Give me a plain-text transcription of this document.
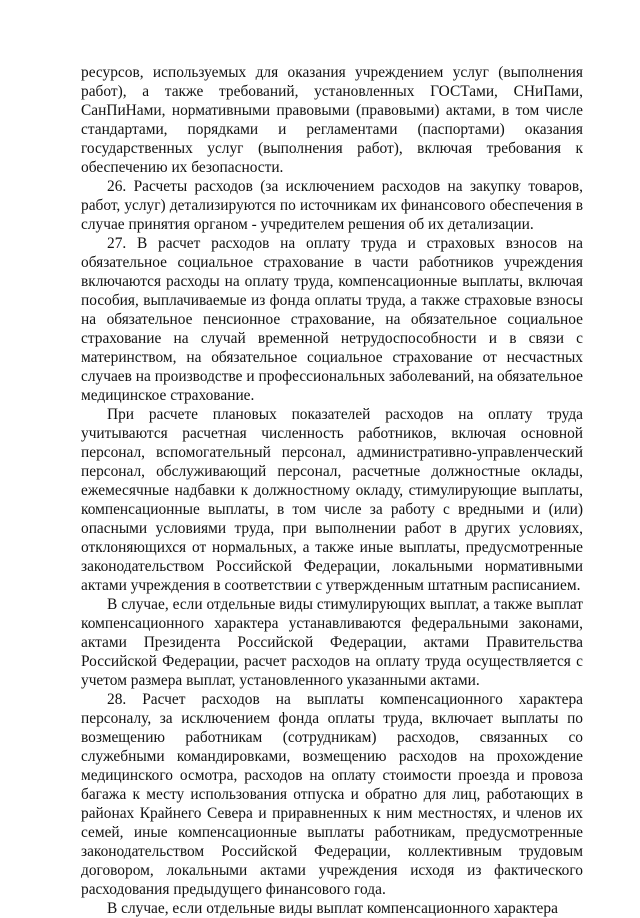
ресурсов, используемых для оказания учреждением услуг (выполнения работ), а также требований, установленных ГОСТами, СНиПами, СанПиНами, нормативными правовыми (правовыми) актами, в том числе стандартами, порядками и регламентами (паспортами) оказания государственных услуг (выполнения работ), включая требования к обеспечению их безопасности.

26. Расчеты расходов (за исключением расходов на закупку товаров, работ, услуг) детализируются по источникам их финансового обеспечения в случае принятия органом - учредителем решения об их детализации.

27. В расчет расходов на оплату труда и страховых взносов на обязательное социальное страхование в части работников учреждения включаются расходы на оплату труда, компенсационные выплаты, включая пособия, выплачиваемые из фонда оплаты труда, а также страховые взносы на обязательное пенсионное страхование, на обязательное социальное страхование на случай временной нетрудоспособности и в связи с материнством, на обязательное социальное страхование от несчастных случаев на производстве и профессиональных заболеваний, на обязательное медицинское страхование.

При расчете плановых показателей расходов на оплату труда учитываются расчетная численность работников, включая основной персонал, вспомогательный персонал, административно-управленческий персонал, обслуживающий персонал, расчетные должностные оклады, ежемесячные надбавки к должностному окладу, стимулирующие выплаты, компенсационные выплаты, в том числе за работу с вредными и (или) опасными условиями труда, при выполнении работ в других условиях, отклоняющихся от нормальных, а также иные выплаты, предусмотренные законодательством Российской Федерации, локальными нормативными актами учреждения в соответствии с утвержденным штатным расписанием.

В случае, если отдельные виды стимулирующих выплат, а также выплат компенсационного характера устанавливаются федеральными законами, актами Президента Российской Федерации, актами Правительства Российской Федерации, расчет расходов на оплату труда осуществляется с учетом размера выплат, установленного указанными актами.

28. Расчет расходов на выплаты компенсационного характера персоналу, за исключением фонда оплаты труда, включает выплаты по возмещению работникам (сотрудникам) расходов, связанных со служебными командировками, возмещению расходов на прохождение медицинского осмотра, расходов на оплату стоимости проезда и провоза багажа к месту использования отпуска и обратно для лиц, работающих в районах Крайнего Севера и приравненных к ним местностях, и членов их семей, иные компенсационные выплаты работникам, предусмотренные законодательством Российской Федерации, коллективным трудовым договором, локальными актами учреждения исходя из фактического расходования предыдущего финансового года.

В случае, если отдельные виды выплат компенсационного характера
